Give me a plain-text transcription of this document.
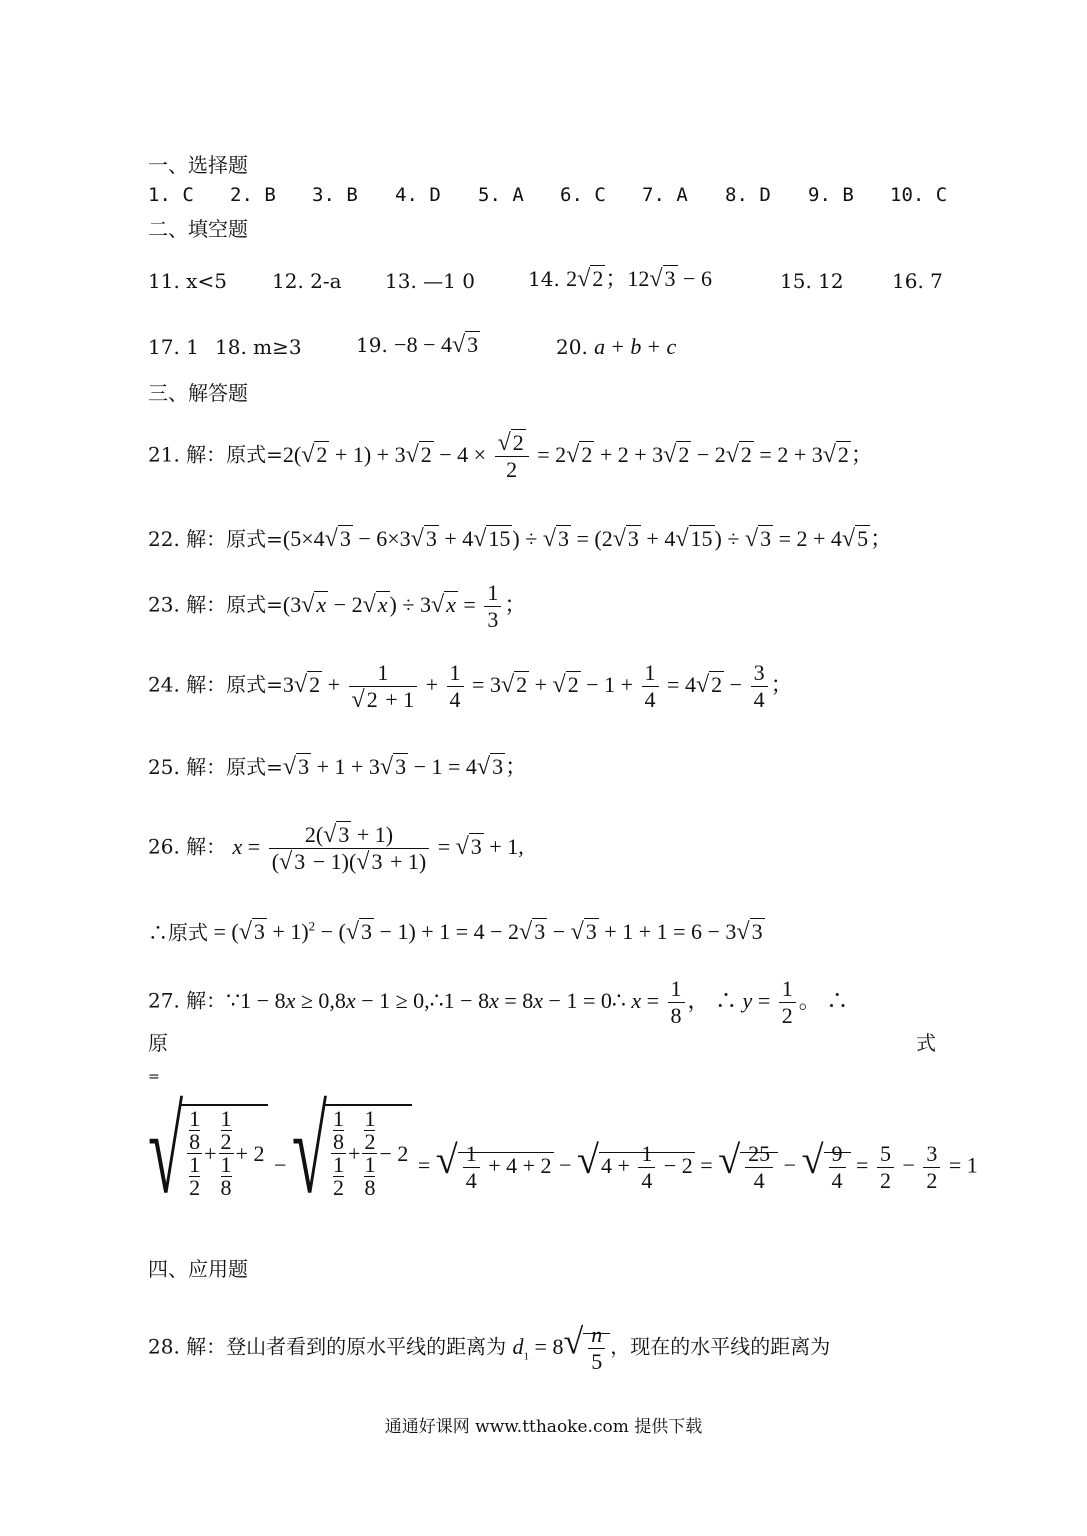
一、选择题
1. C 2. B 3. B 4. D 5. A 6. C 7. A 8. D 9. B 10. C
二、填空题
11. x<5 12. 2-a 13. —1 0	14. 2√2；12√3 − 6	15. 12 16. 7
17. 1 18. m≥3	19. −8 − 4√3	20. a + b + c
三、解答题
21. 解：原式$=2(√2 + 1) + 3√2 - 4 \times \frac{√2}{2} = 2√2 + 2 + 3√2 - 2√2 = 2 + 3√2$；
22. 解：原式=(5×4√3 − 6×3√3 + 4√15) ÷ √3 = (2√3 + 4√15) ÷ √3 = 2 + 4√5；
23. 解：原式$=(3√x - 2√x) \div 3√x = \frac{1}{3}$ ；
24. 解：原式$=3√2 + \frac{1}{√2 + 1} + \frac{1}{4} = 3√2 + √2 - 1 + \frac{1}{4} = 4√2 - \frac{3}{4}$ ；
25. 解：原式=√3 + 1 + 3√3 − 1 = 4√3；
26. 解： $x = \frac{2(√3 + 1)}{(√3 - 1)(√3 + 1)} = √3 + 1$,
∴原式 = $(√3 + 1)^2 - (√3 - 1) + 1 = 4 - 2√3 - √3 + 1 + 1 = 6 - 3√3$
27. 解：∵1 − 8x ≥ 0,8x − 1 ≥ 0,∴1 − 8x = 8x − 1 = 0∴ $x = \frac{1}{8}$ ， ∴ $y = \frac{1}{2}$ 。 ∴
原	式
=
√ $\frac{1}{8}$
$\frac{1}{2}$
+ $\frac{1}{2}$
$\frac{1}{8}$
+ 2 − √ $\frac{1}{8}$
$\frac{1}{2}$
+ $\frac{1}{2}$
$\frac{1}{8}$
− 2 = √ $\frac{1}{4} + 4 + 2 - √4 + \frac{1}{4} - 2$ = √ $\frac{25}{4}$ − √ $\frac{9}{4} = \frac{5}{2} - \frac{3}{2} = 1$
四、应用题
28. 解：登山者看到的原水平线的距离为 $d_1 = 8√ \frac{n}{5}$ ，现在的水平线的距离为
通通好课网 www.tthaoke.com 提供下载
